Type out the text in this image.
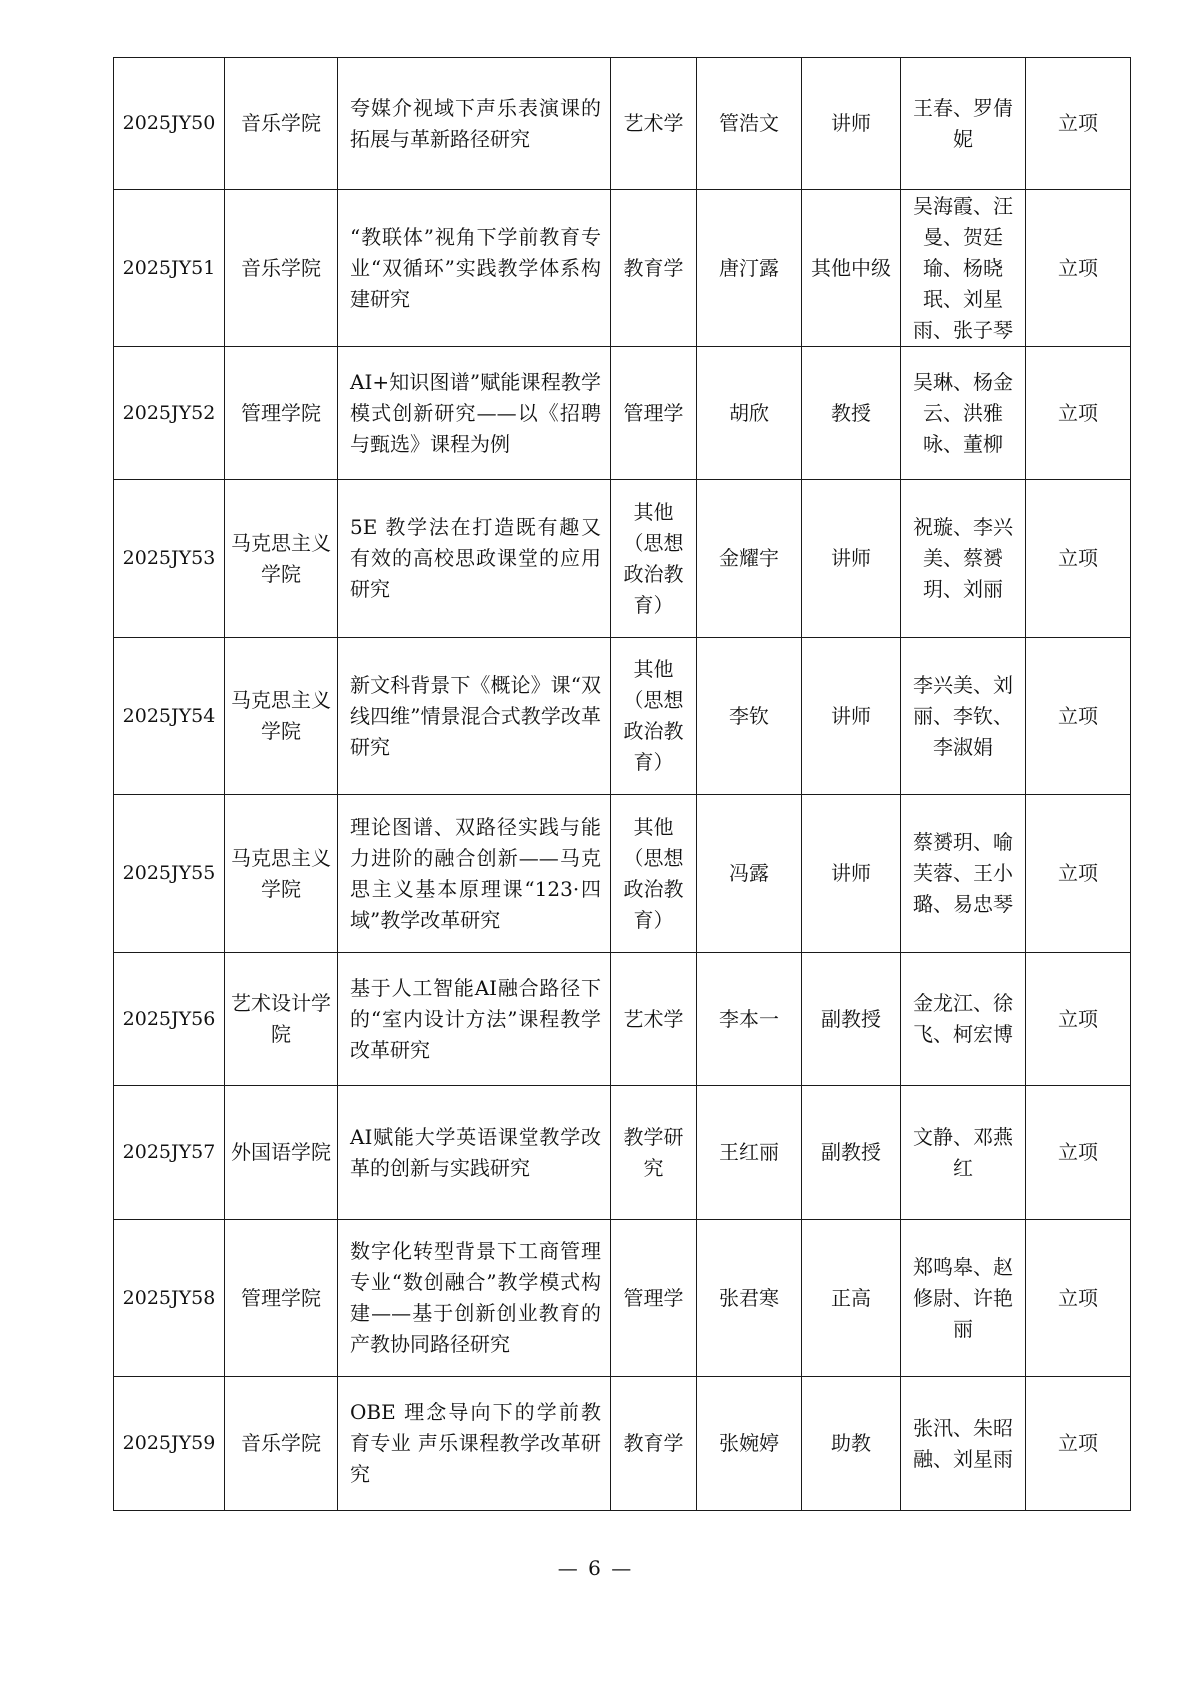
2025JY50	音乐学院	夸媒介视域下声乐表演课的拓展与革新路径研究	艺术学	管浩文	讲师	王春、罗倩妮	立项
2025JY51	音乐学院	“教联体”视角下学前教育专业“双循环”实践教学体系构建研究	教育学	唐汀露	其他中级	吴海霞、汪曼、贺廷瑜、杨晓珉、刘星雨、张子琴	立项
2025JY52	管理学院	AI+知识图谱”赋能课程教学模式创新研究——以《招聘与甄选》课程为例	管理学	胡欣	教授	吴琳、杨金云、洪雅咏、董柳	立项
2025JY53	马克思主义学院	5E 教学法在打造既有趣又有效的高校思政课堂的应用研究	其他（思想政治教育）	金耀宇	讲师	祝璇、李兴美、蔡赟玥、刘丽	立项
2025JY54	马克思主义学院	新文科背景下《概论》课“双线四维”情景混合式教学改革研究	其他（思想政治教育）	李钦	讲师	李兴美、刘丽、李钦、李淑娟	立项
2025JY55	马克思主义学院	理论图谱、双路径实践与能力进阶的融合创新——马克思主义基本原理课“123·四域”教学改革研究	其他（思想政治教育）	冯露	讲师	蔡赟玥、喻芙蓉、王小璐、易忠琴	立项
2025JY56	艺术设计学院	基于人工智能AI融合路径下的“室内设计方法”课程教学改革研究	艺术学	李本一	副教授	金龙江、徐飞、柯宏博	立项
2025JY57	外国语学院	AI赋能大学英语课堂教学改革的创新与实践研究	教学研究	王红丽	副教授	文静、邓燕红	立项
2025JY58	管理学院	数字化转型背景下工商管理专业“数创融合”教学模式构建——基于创新创业教育的产教协同路径研究	管理学	张君寒	正高	郑鸣皋、赵修尉、许艳丽	立项
2025JY59	音乐学院	OBE 理念导向下的学前教育专业 声乐课程教学改革研究	教育学	张婉婷	助教	张汛、朱昭融、刘星雨	立项
— 6 —
